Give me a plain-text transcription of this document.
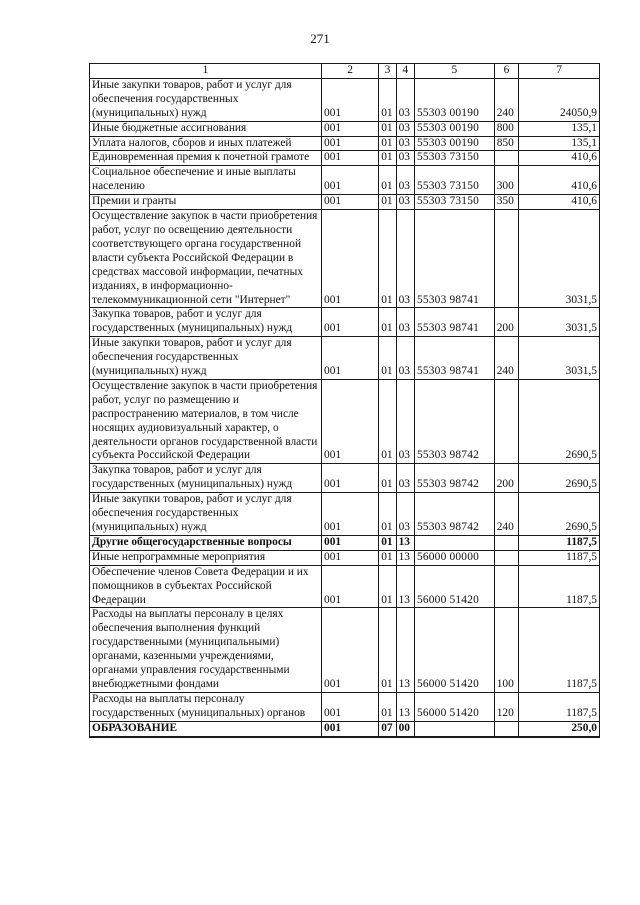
271
1	2	3	4	5	6	7
Иные закупки товаров, работ и услуг для обеспечения государственных (муниципальных) нужд	001	01	03	55303 00190	240	24050,9
Иные бюджетные ассигнования	001	01	03	55303 00190	800	135,1
Уплата налогов, сборов и иных платежей	001	01	03	55303 00190	850	135,1
Единовременная премия к почетной грамоте	001	01	03	55303 73150		410,6
Социальное обеспечение и иные выплаты населению	001	01	03	55303 73150	300	410,6
Премии и гранты	001	01	03	55303 73150	350	410,6
Осуществление закупок в части приобретения работ, услуг по освещению деятельности соответствующего органа государственной власти субъекта Российской Федерации в средствах массовой информации, печатных изданиях, в информационно-телекоммуникационной сети "Интернет"	001	01	03	55303 98741		3031,5
Закупка товаров, работ и услуг для государственных (муниципальных) нужд	001	01	03	55303 98741	200	3031,5
Иные закупки товаров, работ и услуг для обеспечения государственных (муниципальных) нужд	001	01	03	55303 98741	240	3031,5
Осуществление закупок в части приобретения работ, услуг по размещению и распространению материалов, в том числе носящих аудиовизуальный характер, о деятельности органов государственной власти субъекта Российской Федерации	001	01	03	55303 98742		2690,5
Закупка товаров, работ и услуг для государственных (муниципальных) нужд	001	01	03	55303 98742	200	2690,5
Иные закупки товаров, работ и услуг для обеспечения государственных (муниципальных) нужд	001	01	03	55303 98742	240	2690,5
Другие общегосударственные вопросы	001	01	13			1187,5
Иные непрограммные мероприятия	001	01	13	56000 00000		1187,5
Обеспечение членов Совета Федерации и их помощников в субъектах Российской Федерации	001	01	13	56000 51420		1187,5
Расходы на выплаты персоналу в целях обеспечения выполнения функций государственными (муниципальными) органами, казенными учреждениями, органами управления государственными внебюджетными фондами	001	01	13	56000 51420	100	1187,5
Расходы на выплаты персоналу государственных (муниципальных) органов	001	01	13	56000 51420	120	1187,5
ОБРАЗОВАНИЕ	001	07	00			250,0
